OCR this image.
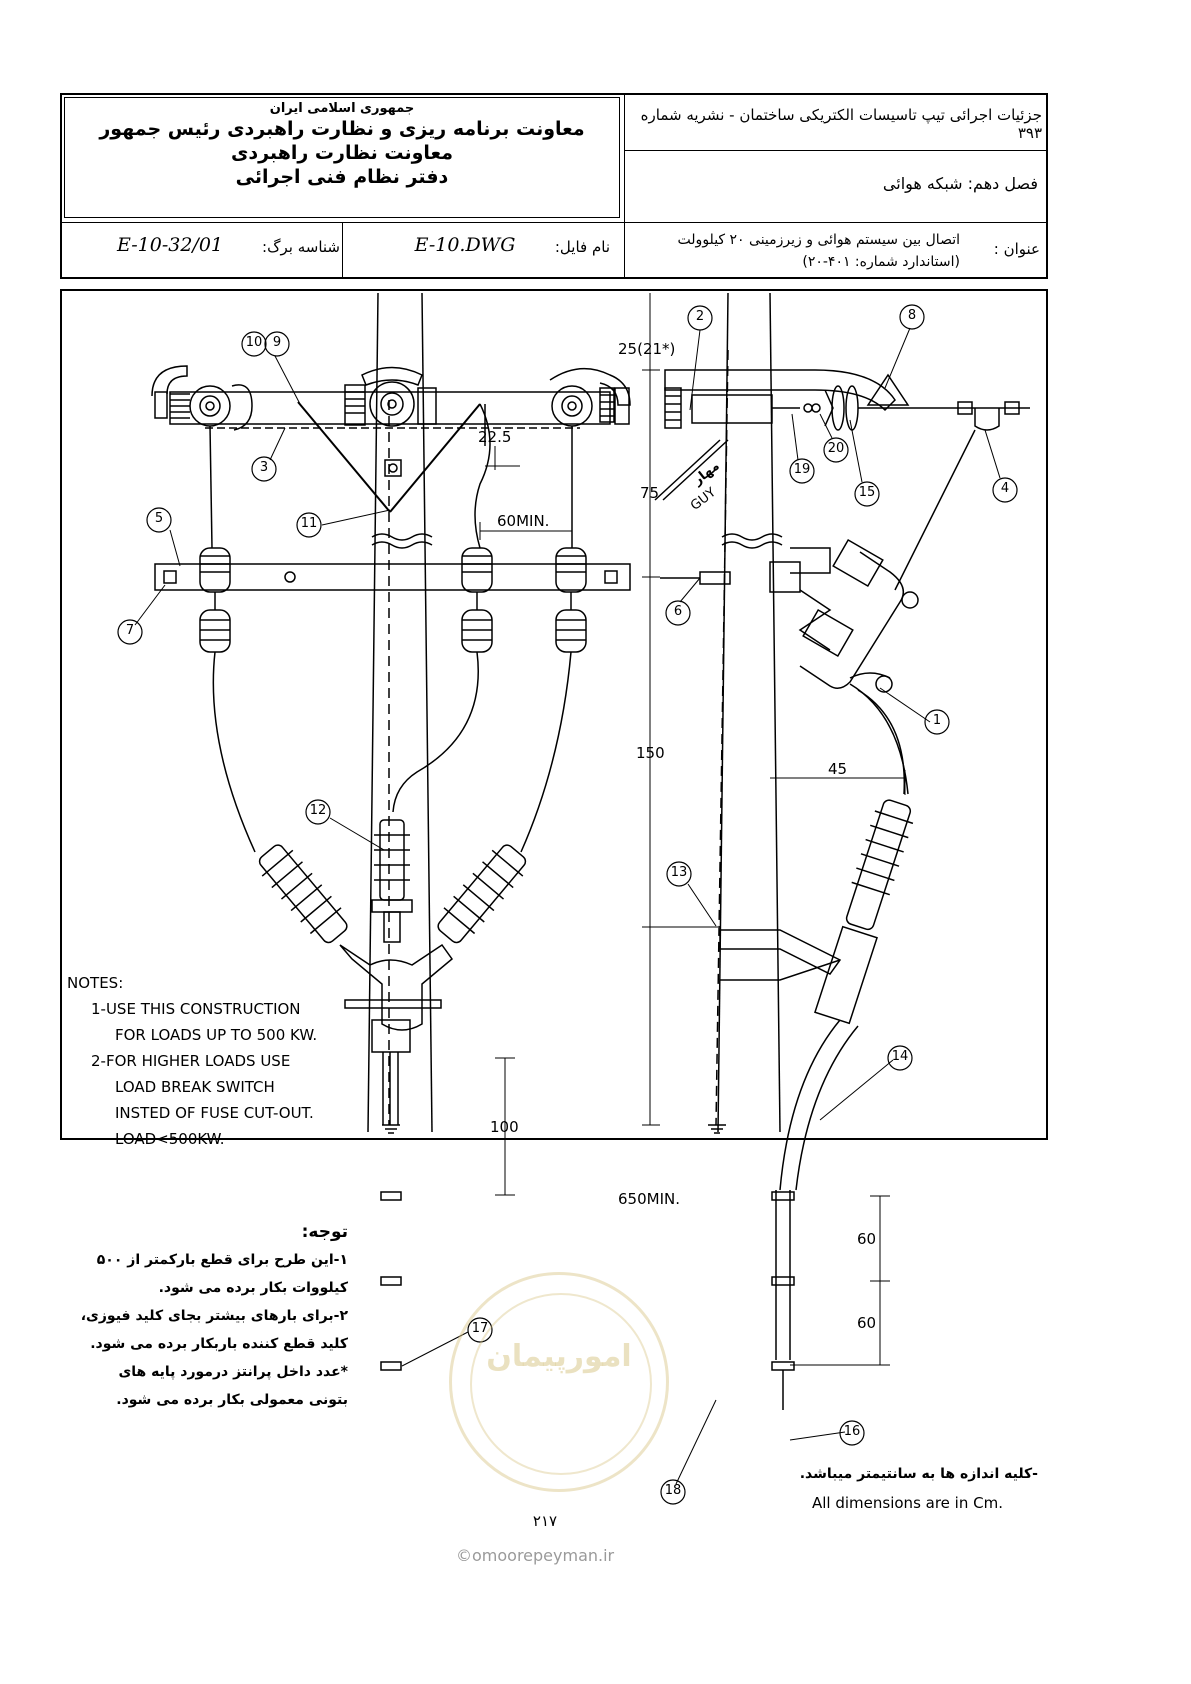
جمهوری اسلامی ایران
معاونت برنامه ریزی و نظارت راهبردی رئیس جمهور
معاونت نظارت راهبردی
دفتر نظام فنی اجرائی
جزئیات اجرائی تیپ تاسیسات الکتریکی ساختمان - نشریه شماره ۳۹۳
فصل دهم: شبکه هوائی
عنوان :
اتصال بین سیستم هوائی و زیرزمینی ۲۰ کیلوولت
(استاندارد شماره: ۴۰۱-۲۰)
نام فایل:
E-10.DWG
شناسه برگ:
E-10-32/01
10 9
3
5
7
11
12
17
2	8
20
19
15	4
6
1
13
14
16
18
22.5
60MIN.
100
25(21*)
75
150
45
650MIN.
60
60
GUY
مهار
NOTES:
1-USE THIS CONSTRUCTION
FOR LOADS UP TO 500 KW.
2-FOR HIGHER LOADS USE
LOAD BREAK SWITCH
INSTED OF FUSE CUT-OUT.
LOAD<500KW.
توجه:
۱-این طرح برای قطع بارکمتر از ۵۰۰
کیلووات بکار برده می شود.
۲-برای بارهای بیشتر بجای کلید فیوزی،
کلید قطع کننده باربکار برده می شود.
*عدد داخل پرانتز درمورد پایه های
بتونی معمولی بکار برده می شود.
-کلیه اندازه ها به سانتیمتر میباشد.
All dimensions are in Cm.
امورپیمان
۲۱۷
©omoorepeyman.ir
